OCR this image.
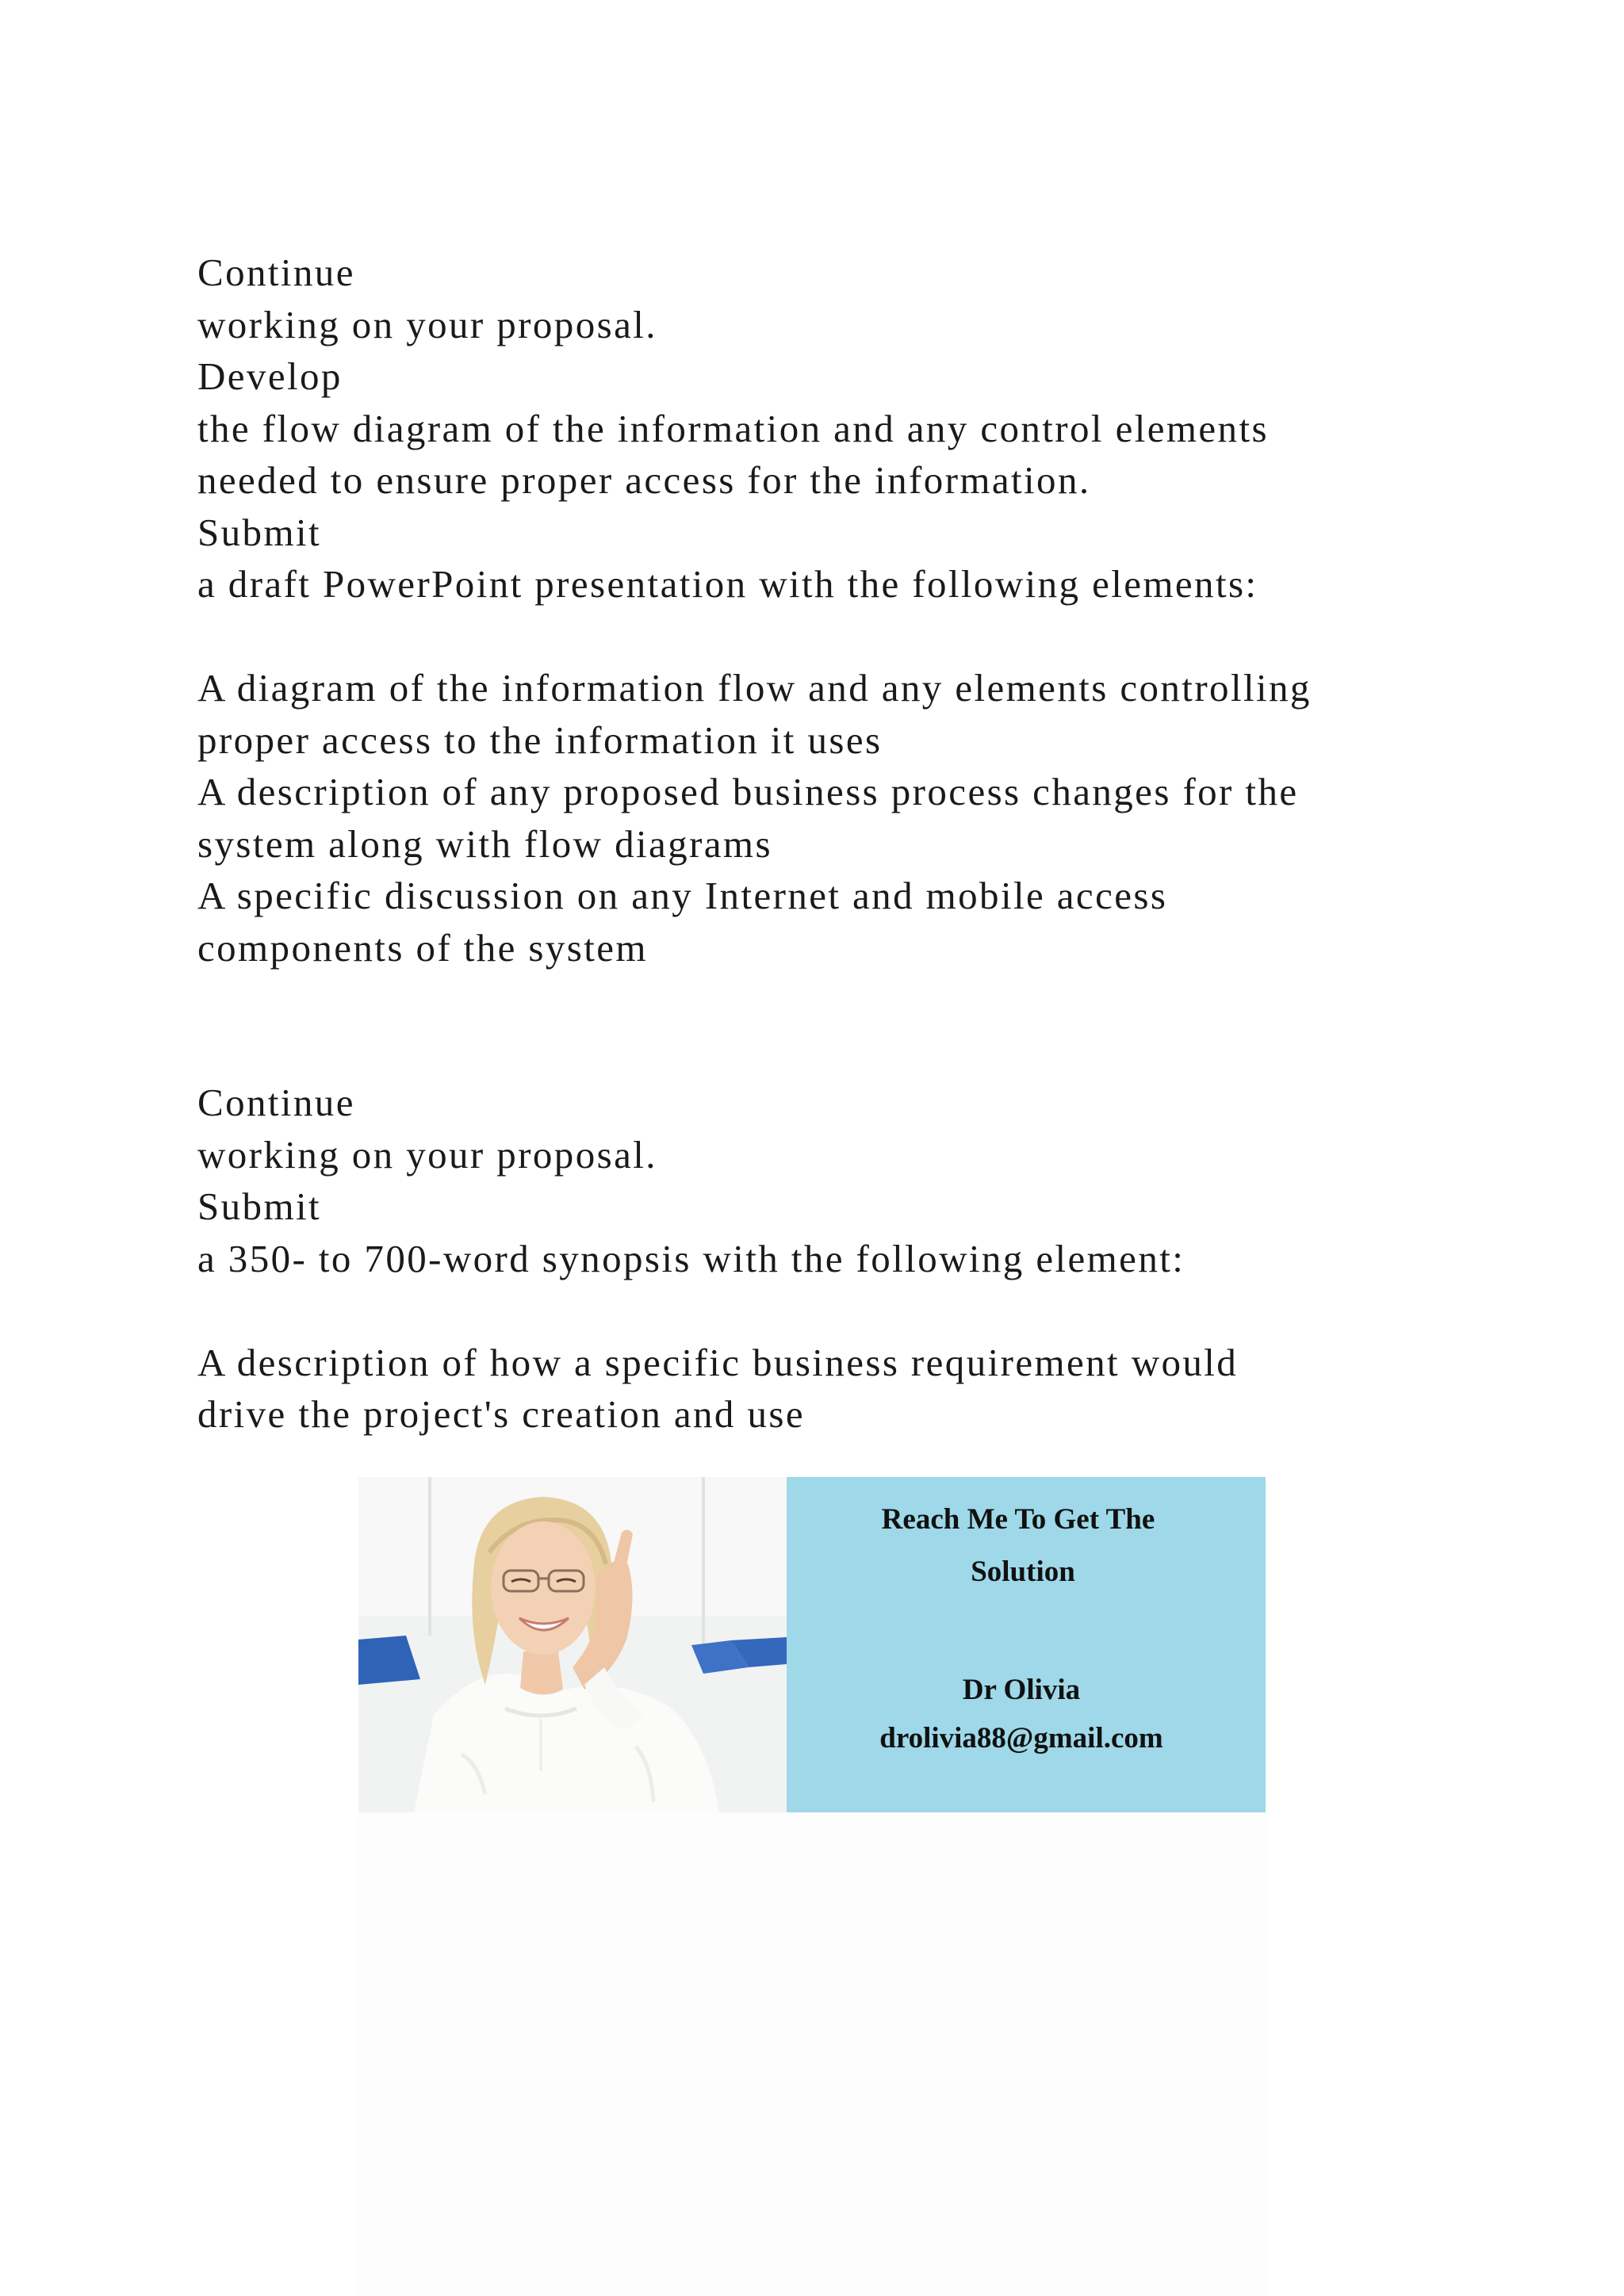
Continue
working on your proposal.
Develop
the flow diagram of the information and any control elements
needed to ensure proper access for the information.
Submit
a draft PowerPoint presentation with the following elements:
A diagram of the information flow and any elements controlling
proper access to the information it uses
A description of any proposed business process changes for the
system along with flow diagrams
A specific discussion on any Internet and mobile access
components of the system
Continue
working on your proposal.
Submit
a 350- to 700-word synopsis with the following element:
A description of how a specific business requirement would
drive the project's creation and use
Reach Me To Get The
Solution
Dr Olivia
drolivia88@gmail.com
